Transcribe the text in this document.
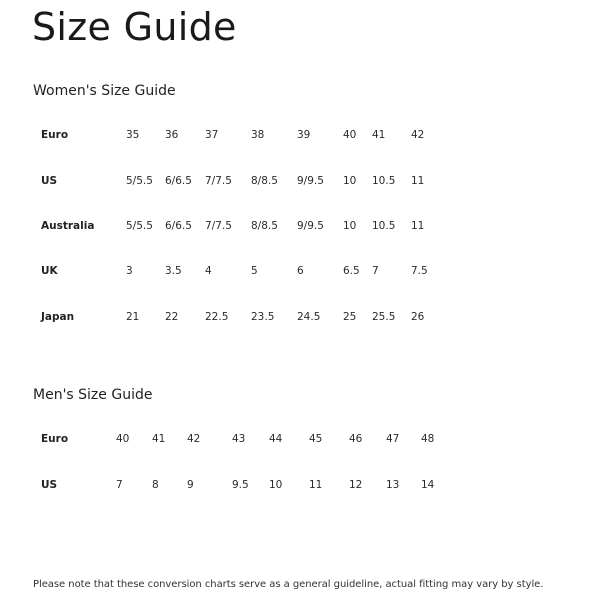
Size Guide
Women's Size Guide
Euro	35 36	37	38	39	40 41 42
US	5/5.5 6/6.5 7/7.5 8/8.5 9/9.5 10 10.5 11
Australia	5/5.5 6/6.5 7/7.5 8/8.5 9/9.5 10 10.5 11
UK	3	3.5 4	5	6	6.5 7	7.5
Japan	21 22	22.5 23.5 24.5 25 25.5 26
Men's Size Guide
Euro	40 41 42	43 44	45	46 47 48
US	7	8	9	9.5 10	11	12 13 14
Please note that these conversion charts serve as a general guideline, actual fitting may vary by style.
